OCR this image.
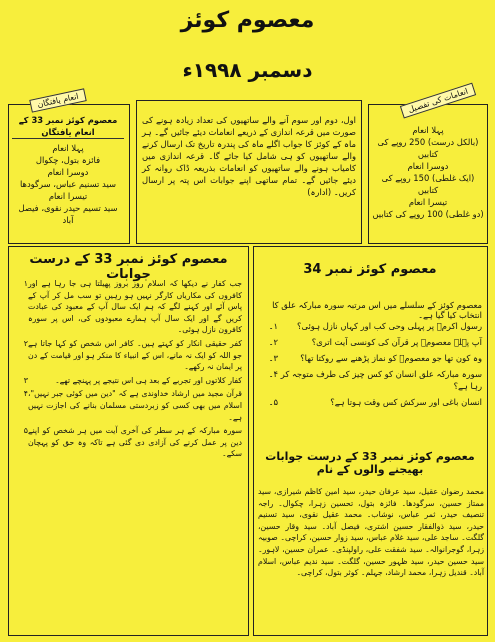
معصوم کوئز
دسمبر ۱۹۹۸ء
انعام یافتگان	انعامات کی تفصیل
معصوم کوئز نمبر 33 کے انعام یافتگان
پہلا انعام
فائزہ بتول، چکوال
دوسرا انعام
سید تسنیم عباس، سرگودھا
تیسرا انعام
سید تسیم حیدر نقوی، فیصل آباد
اول، دوم اور سوم آنے والے ساتھیوں کی تعداد زیادہ ہونے کی صورت میں قرعہ اندازی کے ذریعے انعامات دیئے جائیں گے۔ ہر ماہ کے کوئز کا جواب اگلے ماہ کی پندرہ تاریخ تک ارسال کرنے والے ساتھیوں کو ہی شامل کیا جائے گا۔ قرعہ اندازی میں کامیاب ہونے والے ساتھیوں کو انعامات بذریعہ ڈاک روانہ کر دیئے جائیں گے۔ تمام ساتھی اپنے جوابات اس پتہ پر ارسال کریں۔ (ادارہ)
پہلا انعام
(بالکل درست) 250 روپے کی کتابیں
دوسرا انعام
(ایک غلطی) 150 روپے کی کتابیں
تیسرا انعام
(دو غلطی) 100 روپے کی کتابیں
معصوم کوئز نمبر 33 کے درست جوابات
۱ جب کفار نے دیکھا کہ اسلام روز بروز پھیلتا ہی جا رہا ہے اور کافروں کی مکاریاں کارگر نہیں ہو رہیں تو سب مل کر آپ کے پاس آئے اور کہنے لگے کہ ہم ایک سال آپ کے معبود کی عبادت کریں گے اور ایک سال آپ ہمارے معبودوں کی، اس پر سورہ کافرون نازل ہوئی۔
۲ کفر حقیقی انکار کو کہتے ہیں۔ کافر اس شخص کو کہا جاتا ہے جو اللہ کو ایک نہ مانے، اس کے انبیاء کا منکر ہو اور قیامت کے دن پر ایمان نہ رکھے۔
۳	کفار کلاتوں اور تجربے کے بعد ہی اس نتیجے پر پہنچے تھے۔
۴ قرآن مجید میں ارشاد خداوندی ہے کہ "دین میں کوئی جبر نہیں"، اسلام میں بھی کسی کو زبردستی مسلمان بنانے کی اجازت نہیں ہے۔
۵ سورہ مبارکہ کے ہر سطر کی آخری آیت میں ہر شخص کو اپنے دین پر عمل کرنے کی آزادی دی گئی ہے تاکہ وہ حق کو پہچان سکے۔
معصوم کوئز نمبر 34
معصوم کوئز کے سلسلے میں اس مرتبہ سورہ مبارکہ علق کا انتخاب کیا گیا ہے۔
۱۔	رسول اکرمؐ پر پہلی وحی کب اور کہاں نازل ہوئی؟
۲۔	آپ پہلے معصومؐ پر قرآن کی کونسی آیت اتری؟
۳۔	وہ کون تھا جو معصومؐ کو نماز پڑھنے سے روکتا تھا؟
۴۔ سورہ مبارکہ علق انسان کو کس چیز کی طرف متوجہ کر رہا ہے؟
۵۔	انسان باغی اور سرکش کس وقت ہوتا ہے؟
معصوم کوئز نمبر 33 کے درست جوابات بھیجنے والوں کے نام
محمد رضوان عقیل، سید عرفان حیدر، سید امین کاظم شیرازی، سید ممتاز حسین، سرگودھا۔ فائزہ بتول، تحسین زہرا، چکوال۔ راجہ تنصیف حیدر، ثمر عباس، نوشاب۔ محمد عقیل نقوی، سید تسنیم حیدر، سید ذوالفقار حسین اشتری، فیصل آباد۔ سید وقار حسین، گلگت۔ ساجد علی، سید غلام عباس، سید زوار حسین، کراچی۔ صوبیہ زہرا، گوجرانوالہ۔ سید شفقت علی، راولپنڈی۔ عمران حسین، لاہور۔ سید حسین حیدر، سید ظہور حسین، گلگت۔ سید ندیم عباس، اسلام آباد۔ قندیل زہرا، محمد ارشاد، جہلم۔ کوثر بتول، کراچی۔
